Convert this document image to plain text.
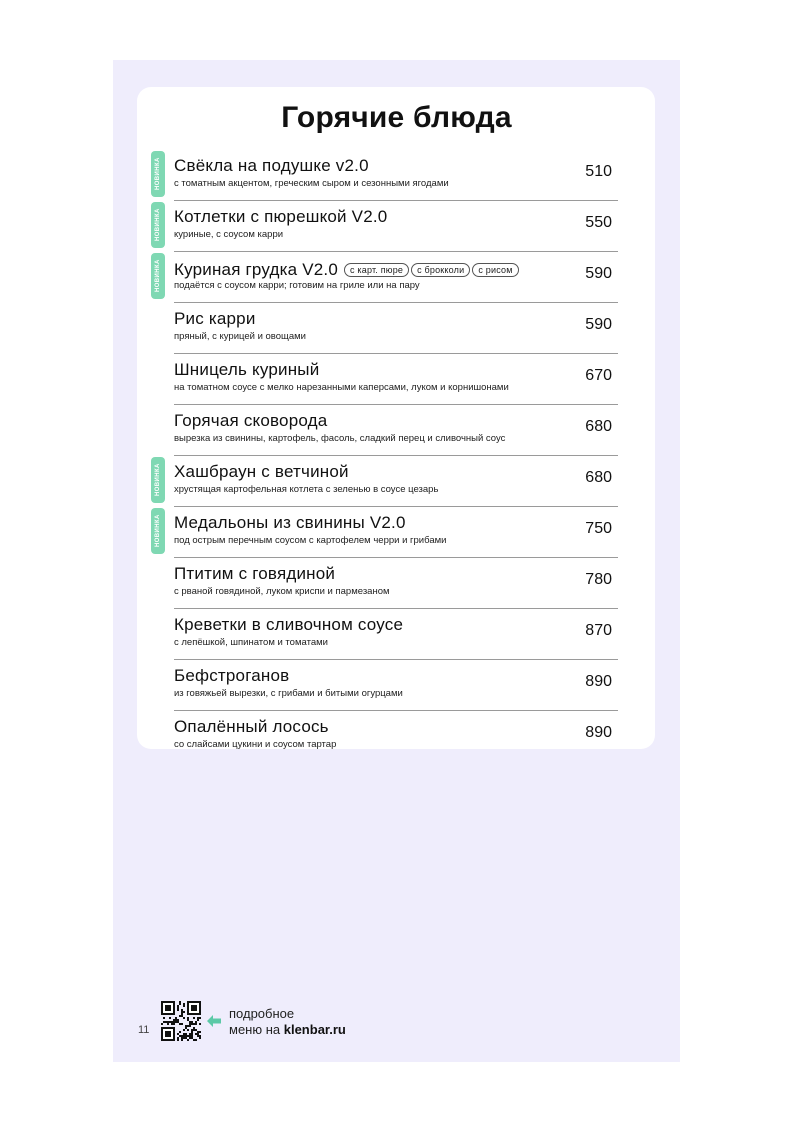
Горячие блюда
НОВИНКА Свёкла на подушке v2.0
с томатным акцентом, греческим сыром и сезонными ягодами
510
НОВИНКА Котлетки с пюрешкой V2.0
куриные, с соусом карри
550
НОВИНКА Куриная грудка V2.0 с карт. пюре с брокколи с рисом
подаётся с соусом карри; готовим на гриле или на пару
590
Рис карри
пряный, с курицей и овощами
590
Шницель куриный
на томатном соусе с мелко нарезанными каперсами, луком и корнишонами
670
Горячая сковорода
вырезка из свинины, картофель, фасоль, сладкий перец и сливочный соус
680
НОВИНКА Хашбраун с ветчиной
хрустящая картофельная котлета с зеленью в соусе цезарь
680
НОВИНКА Медальоны из свинины V2.0
под острым перечным соусом с картофелем черри и грибами
750
Птитим с говядиной
с рваной говядиной, луком криспи и пармезаном
780
Креветки в сливочном соусе
с лепёшкой, шпинатом и томатами
870
Бефстроганов
из говяжьей вырезки, с грибами и битыми огурцами
890
Опалённый лосось
со слайсами цукини и соусом тартар
890
11
подробное
меню на klenbar.ru
